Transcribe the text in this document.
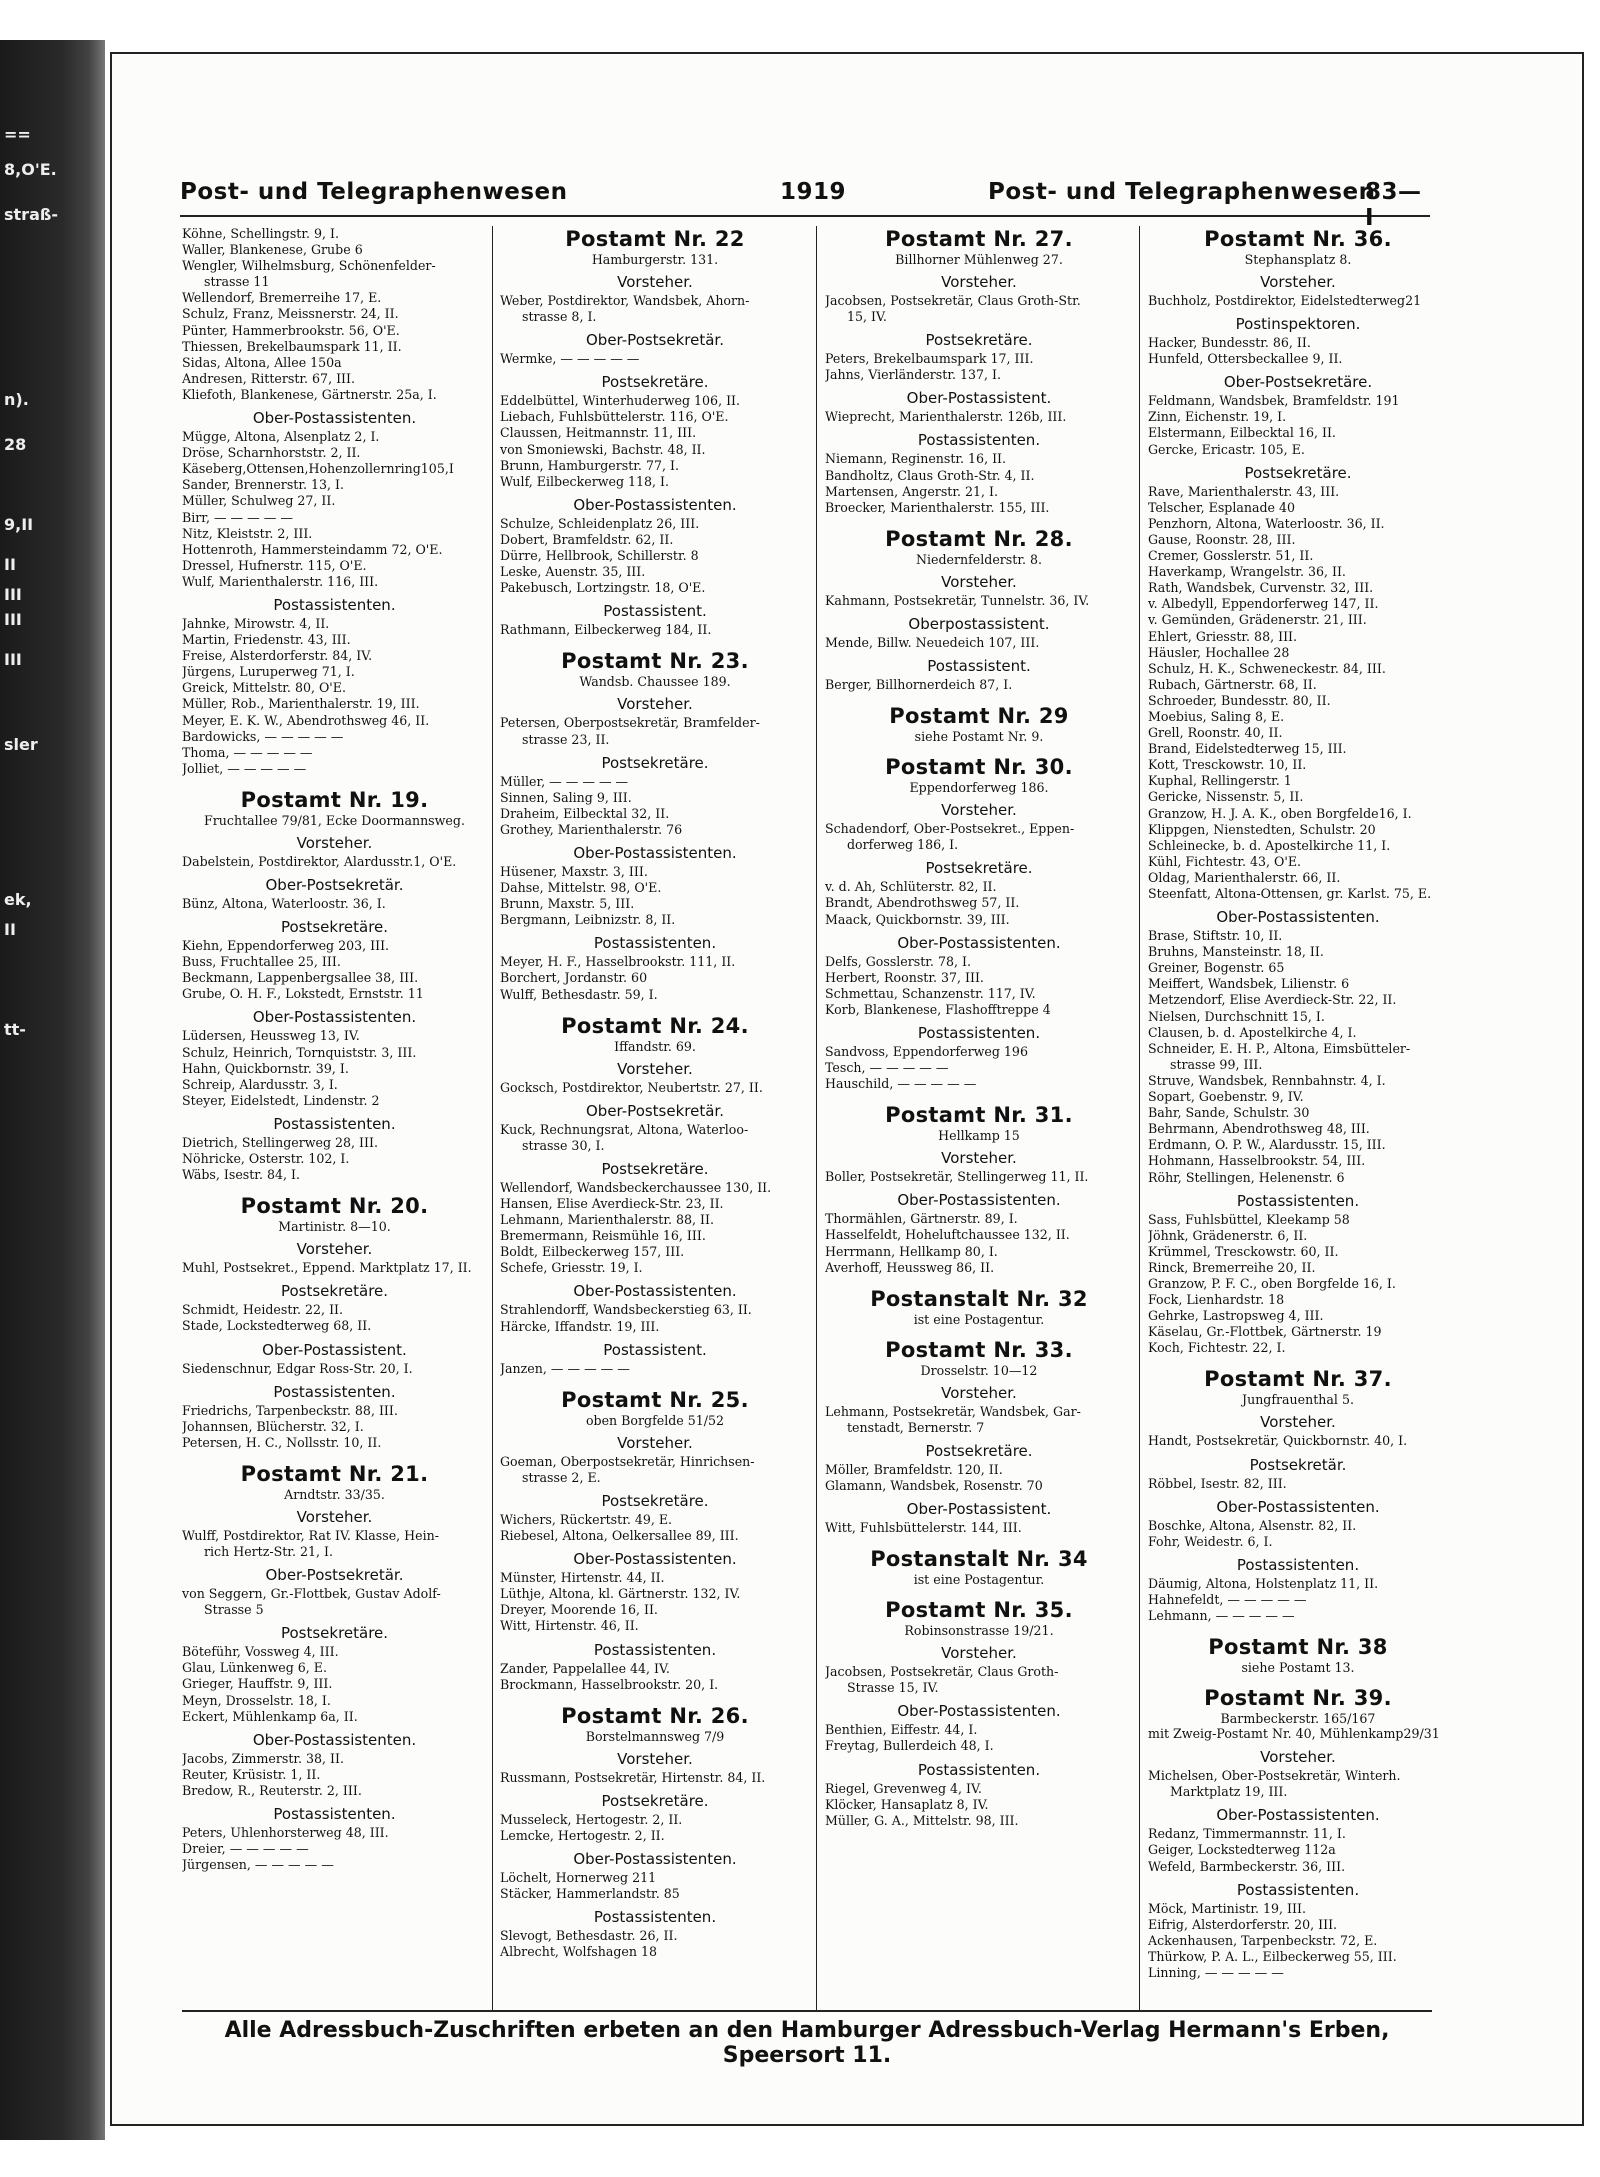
==
8,O'E.
straß-
n).
28
9,II
II
III
III
III
sler
ek,
II
tt-
Post- und Telegraphenwesen	1919	Post- und Telegraphenwesen
83—I
Köhne, Schellingstr. 9, I.
Waller, Blankenese, Grube 6
Wengler, Wilhelmsburg, Schönenfelder-
strasse 11
Wellendorf, Bremerreihe 17, E.
Schulz, Franz, Meissnerstr. 24, II.
Pünter, Hammerbrookstr. 56, O'E.
Thiessen, Brekelbaumspark 11, II.
Sidas, Altona, Allee 150a
Andresen, Ritterstr. 67, III.
Kliefoth, Blankenese, Gärtnerstr. 25a, I.
Ober-Postassistenten.
Mügge, Altona, Alsenplatz 2, I.
Dröse, Scharnhorststr. 2, II.
Käseberg,Ottensen,Hohenzollernring105,I
Sander, Brennerstr. 13, I.
Müller, Schulweg 27, II.
Birr, — — — — —
Nitz, Kleiststr. 2, III.
Hottenroth, Hammersteindamm 72, O'E.
Dressel, Hufnerstr. 115, O'E.
Wulf, Marienthalerstr. 116, III.
Postassistenten.
Jahnke, Mirowstr. 4, II.
Martin, Friedenstr. 43, III.
Freise, Alsterdorferstr. 84, IV.
Jürgens, Luruperweg 71, I.
Greick, Mittelstr. 80, O'E.
Müller, Rob., Marienthalerstr. 19, III.
Meyer, E. K. W., Abendrothsweg 46, II.
Bardowicks, — — — — —
Thoma, — — — — —
Jolliet, — — — — —
Postamt Nr. 19.
Fruchtallee 79/81, Ecke Doormannsweg.
Vorsteher.
Dabelstein, Postdirektor, Alardusstr.1, O'E.
Ober-Postsekretär.
Bünz, Altona, Waterloostr. 36, I.
Postsekretäre.
Kiehn, Eppendorferweg 203, III.
Buss, Fruchtallee 25, III.
Beckmann, Lappenbergsallee 38, III.
Grube, O. H. F., Lokstedt, Ernststr. 11
Ober-Postassistenten.
Lüdersen, Heussweg 13, IV.
Schulz, Heinrich, Tornquiststr. 3, III.
Hahn, Quickbornstr. 39, I.
Schreip, Alardusstr. 3, I.
Steyer, Eidelstedt, Lindenstr. 2
Postassistenten.
Dietrich, Stellingerweg 28, III.
Nöhricke, Osterstr. 102, I.
Wäbs, Isestr. 84, I.
Postamt Nr. 20.
Martinistr. 8—10.
Vorsteher.
Muhl, Postsekret., Eppend. Marktplatz 17, II.
Postsekretäre.
Schmidt, Heidestr. 22, II.
Stade, Lockstedterweg 68, II.
Ober-Postassistent.
Siedenschnur, Edgar Ross-Str. 20, I.
Postassistenten.
Friedrichs, Tarpenbeckstr. 88, III.
Johannsen, Blücherstr. 32, I.
Petersen, H. C., Nollsstr. 10, II.
Postamt Nr. 21.
Arndtstr. 33/35.
Vorsteher.
Wulff, Postdirektor, Rat IV. Klasse, Hein-
rich Hertz-Str. 21, I.
Ober-Postsekretär.
von Seggern, Gr.-Flottbek, Gustav Adolf-
Strasse 5
Postsekretäre.
Böteführ, Vossweg 4, III.
Glau, Lünkenweg 6, E.
Grieger, Hauffstr. 9, III.
Meyn, Drosselstr. 18, I.
Eckert, Mühlenkamp 6a, II.
Ober-Postassistenten.
Jacobs, Zimmerstr. 38, II.
Reuter, Krüsistr. 1, II.
Bredow, R., Reuterstr. 2, III.
Postassistenten.
Peters, Uhlenhorsterweg 48, III.
Dreier, — — — — —
Jürgensen, — — — — —
Postamt Nr. 22
Hamburgerstr. 131.
Vorsteher.
Weber, Postdirektor, Wandsbek, Ahorn-
strasse 8, I.
Ober-Postsekretär.
Wermke, — — — — —
Postsekretäre.
Eddelbüttel, Winterhuderweg 106, II.
Liebach, Fuhlsbüttelerstr. 116, O'E.
Claussen, Heitmannstr. 11, III.
von Smoniewski, Bachstr. 48, II.
Brunn, Hamburgerstr. 77, I.
Wulf, Eilbeckerweg 118, I.
Ober-Postassistenten.
Schulze, Schleidenplatz 26, III.
Dobert, Bramfeldstr. 62, II.
Dürre, Hellbrook, Schillerstr. 8
Leske, Auenstr. 35, III.
Pakebusch, Lortzingstr. 18, O'E.
Postassistent.
Rathmann, Eilbeckerweg 184, II.
Postamt Nr. 23.
Wandsb. Chaussee 189.
Vorsteher.
Petersen, Oberpostsekretär, Bramfelder-
strasse 23, II.
Postsekretäre.
Müller, — — — — —
Sinnen, Saling 9, III.
Draheim, Eilbecktal 32, II.
Grothey, Marienthalerstr. 76
Ober-Postassistenten.
Hüsener, Maxstr. 3, III.
Dahse, Mittelstr. 98, O'E.
Brunn, Maxstr. 5, III.
Bergmann, Leibnizstr. 8, II.
Postassistenten.
Meyer, H. F., Hasselbrookstr. 111, II.
Borchert, Jordanstr. 60
Wulff, Bethesdastr. 59, I.
Postamt Nr. 24.
Iffandstr. 69.
Vorsteher.
Gocksch, Postdirektor, Neubertstr. 27, II.
Ober-Postsekretär.
Kuck, Rechnungsrat, Altona, Waterloo-
strasse 30, I.
Postsekretäre.
Wellendorf, Wandsbeckerchaussee 130, II.
Hansen, Elise Averdieck-Str. 23, II.
Lehmann, Marienthalerstr. 88, II.
Bremermann, Reismühle 16, III.
Boldt, Eilbeckerweg 157, III.
Schefe, Griesstr. 19, I.
Ober-Postassistenten.
Strahlendorff, Wandsbeckerstieg 63, II.
Härcke, Iffandstr. 19, III.
Postassistent.
Janzen, — — — — —
Postamt Nr. 25.
oben Borgfelde 51/52
Vorsteher.
Goeman, Oberpostsekretär, Hinrichsen-
strasse 2, E.
Postsekretäre.
Wichers, Rückertstr. 49, E.
Riebesel, Altona, Oelkersallee 89, III.
Ober-Postassistenten.
Münster, Hirtenstr. 44, II.
Lüthje, Altona, kl. Gärtnerstr. 132, IV.
Dreyer, Moorende 16, II.
Witt, Hirtenstr. 46, II.
Postassistenten.
Zander, Pappelallee 44, IV.
Brockmann, Hasselbrookstr. 20, I.
Postamt Nr. 26.
Borstelmannsweg 7/9
Vorsteher.
Russmann, Postsekretär, Hirtenstr. 84, II.
Postsekretäre.
Musseleck, Hertogestr. 2, II.
Lemcke, Hertogestr. 2, II.
Ober-Postassistenten.
Löchelt, Hornerweg 211
Stäcker, Hammerlandstr. 85
Postassistenten.
Slevogt, Bethesdastr. 26, II.
Albrecht, Wolfshagen 18
Postamt Nr. 27.
Billhorner Mühlenweg 27.
Vorsteher.
Jacobsen, Postsekretär, Claus Groth-Str.
15, IV.
Postsekretäre.
Peters, Brekelbaumspark 17, III.
Jahns, Vierländerstr. 137, I.
Ober-Postassistent.
Wieprecht, Marienthalerstr. 126b, III.
Postassistenten.
Niemann, Reginenstr. 16, II.
Bandholtz, Claus Groth-Str. 4, II.
Martensen, Angerstr. 21, I.
Broecker, Marienthalerstr. 155, III.
Postamt Nr. 28.
Niedernfelderstr. 8.
Vorsteher.
Kahmann, Postsekretär, Tunnelstr. 36, IV.
Oberpostassistent.
Mende, Billw. Neuedeich 107, III.
Postassistent.
Berger, Billhornerdeich 87, I.
Postamt Nr. 29
siehe Postamt Nr. 9.
Postamt Nr. 30.
Eppendorferweg 186.
Vorsteher.
Schadendorf, Ober-Postsekret., Eppen-
dorferweg 186, I.
Postsekretäre.
v. d. Ah, Schlüterstr. 82, II.
Brandt, Abendrothsweg 57, II.
Maack, Quickbornstr. 39, III.
Ober-Postassistenten.
Delfs, Gosslerstr. 78, I.
Herbert, Roonstr. 37, III.
Schmettau, Schanzenstr. 117, IV.
Korb, Blankenese, Flashofftreppe 4
Postassistenten.
Sandvoss, Eppendorferweg 196
Tesch, — — — — —
Hauschild, — — — — —
Postamt Nr. 31.
Hellkamp 15
Vorsteher.
Boller, Postsekretär, Stellingerweg 11, II.
Ober-Postassistenten.
Thormählen, Gärtnerstr. 89, I.
Hasselfeldt, Hoheluftchaussee 132, II.
Herrmann, Hellkamp 80, I.
Averhoff, Heussweg 86, II.
Postanstalt Nr. 32
ist eine Postagentur.
Postamt Nr. 33.
Drosselstr. 10—12
Vorsteher.
Lehmann, Postsekretär, Wandsbek, Gar-
tenstadt, Bernerstr. 7
Postsekretäre.
Möller, Bramfeldstr. 120, II.
Glamann, Wandsbek, Rosenstr. 70
Ober-Postassistent.
Witt, Fuhlsbüttelerstr. 144, III.
Postanstalt Nr. 34
ist eine Postagentur.
Postamt Nr. 35.
Robinsonstrasse 19/21.
Vorsteher.
Jacobsen, Postsekretär, Claus Groth-
Strasse 15, IV.
Ober-Postassistenten.
Benthien, Eiffestr. 44, I.
Freytag, Bullerdeich 48, I.
Postassistenten.
Riegel, Grevenweg 4, IV.
Klöcker, Hansaplatz 8, IV.
Müller, G. A., Mittelstr. 98, III.
Postamt Nr. 36.
Stephansplatz 8.
Vorsteher.
Buchholz, Postdirektor, Eidelstedterweg21
Postinspektoren.
Hacker, Bundesstr. 86, II.
Hunfeld, Ottersbeckallee 9, II.
Ober-Postsekretäre.
Feldmann, Wandsbek, Bramfeldstr. 191
Zinn, Eichenstr. 19, I.
Elstermann, Eilbecktal 16, II.
Gercke, Ericastr. 105, E.
Postsekretäre.
Rave, Marienthalerstr. 43, III.
Telscher, Esplanade 40
Penzhorn, Altona, Waterloostr. 36, II.
Gause, Roonstr. 28, III.
Cremer, Gosslerstr. 51, II.
Haverkamp, Wrangelstr. 36, II.
Rath, Wandsbek, Curvenstr. 32, III.
v. Albedyll, Eppendorferweg 147, II.
v. Gemünden, Grädenerstr. 21, III.
Ehlert, Griesstr. 88, III.
Häusler, Hochallee 28
Schulz, H. K., Schweneckestr. 84, III.
Rubach, Gärtnerstr. 68, II.
Schroeder, Bundesstr. 80, II.
Moebius, Saling 8, E.
Grell, Roonstr. 40, II.
Brand, Eidelstedterweg 15, III.
Kott, Tresckowstr. 10, II.
Kuphal, Rellingerstr. 1
Gericke, Nissenstr. 5, II.
Granzow, H. J. A. K., oben Borgfelde16, I.
Klippgen, Nienstedten, Schulstr. 20
Schleinecke, b. d. Apostelkirche 11, I.
Kühl, Fichtestr. 43, O'E.
Oldag, Marienthalerstr. 66, II.
Steenfatt, Altona-Ottensen, gr. Karlst. 75, E.
Ober-Postassistenten.
Brase, Stiftstr. 10, II.
Bruhns, Mansteinstr. 18, II.
Greiner, Bogenstr. 65
Meiffert, Wandsbek, Lilienstr. 6
Metzendorf, Elise Averdieck-Str. 22, II.
Nielsen, Durchschnitt 15, I.
Clausen, b. d. Apostelkirche 4, I.
Schneider, E. H. P., Altona, Eimsbütteler-
strasse 99, III.
Struve, Wandsbek, Rennbahnstr. 4, I.
Sopart, Goebenstr. 9, IV.
Bahr, Sande, Schulstr. 30
Behrmann, Abendrothsweg 48, III.
Erdmann, O. P. W., Alardusstr. 15, III.
Hohmann, Hasselbrookstr. 54, III.
Röhr, Stellingen, Helenenstr. 6
Postassistenten.
Sass, Fuhlsbüttel, Kleekamp 58
Jöhnk, Grädenerstr. 6, II.
Krümmel, Tresckowstr. 60, II.
Rinck, Bremerreihe 20, II.
Granzow, P. F. C., oben Borgfelde 16, I.
Fock, Lienhardstr. 18
Gehrke, Lastropsweg 4, III.
Käselau, Gr.-Flottbek, Gärtnerstr. 19
Koch, Fichtestr. 22, I.
Postamt Nr. 37.
Jungfrauenthal 5.
Vorsteher.
Handt, Postsekretär, Quickbornstr. 40, I.
Postsekretär.
Röbbel, Isestr. 82, III.
Ober-Postassistenten.
Boschke, Altona, Alsenstr. 82, II.
Fohr, Weidestr. 6, I.
Postassistenten.
Däumig, Altona, Holstenplatz 11, II.
Hahnefeldt, — — — — —
Lehmann, — — — — —
Postamt Nr. 38
siehe Postamt 13.
Postamt Nr. 39.
Barmbeckerstr. 165/167
mit Zweig-Postamt Nr. 40, Mühlenkamp29/31
Vorsteher.
Michelsen, Ober-Postsekretär, Winterh.
Marktplatz 19, III.
Ober-Postassistenten.
Redanz, Timmermannstr. 11, I.
Geiger, Lockstedterweg 112a
Wefeld, Barmbeckerstr. 36, III.
Postassistenten.
Möck, Martinistr. 19, III.
Eifrig, Alsterdorferstr. 20, III.
Ackenhausen, Tarpenbeckstr. 72, E.
Thürkow, P. A. L., Eilbeckerweg 55, III.
Linning, — — — — —
Alle Adressbuch-Zuschriften erbeten an den Hamburger Adressbuch-Verlag Hermann's Erben, Speersort 11.
